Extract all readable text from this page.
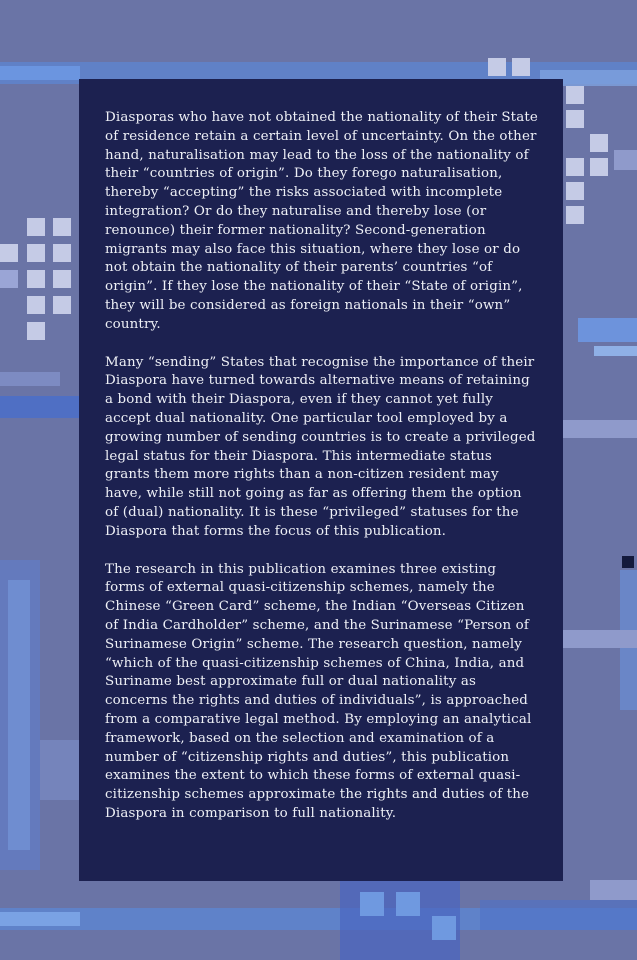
Diasporas who have not obtained the nationality of their State of residence retain a certain level of uncertainty. On the other hand, naturalisation may lead to the loss of the nationality of their “countries of origin”. Do they forego naturalisation, thereby “accepting” the risks associated with incomplete integration? Or do they naturalise and thereby lose (or renounce) their former nationality? Second-generation migrants may also face this situation, where they lose or do not obtain the nationality of their parents’ countries “of origin”. If they lose the nationality of their “State of origin”, they will be considered as foreign nationals in their “own” country.

Many “sending” States that recognise the importance of their Diaspora have turned towards alternative means of retaining a bond with their Diaspora, even if they cannot yet fully accept dual nationality. One particular tool employed by a growing number of sending countries is to create a privileged legal status for their Diaspora. This intermediate status grants them more rights than a non-citizen resident may have, while still not going as far as offering them the option of (dual) nationality. It is these “privileged” statuses for the Diaspora that forms the focus of this publication.

The research in this publication examines three existing forms of external quasi-citizenship schemes, namely the Chinese “Green Card” scheme, the Indian “Overseas Citizen of India Cardholder” scheme, and the Surinamese “Person of Surinamese Origin” scheme. The research question, namely “which of the quasi-citizenship schemes of China, India, and Suriname best approximate full or dual nationality as concerns the rights and duties of individuals”, is approached from a comparative legal method. By employing an analytical framework, based on the selection and examination of a number of “citizenship rights and duties”, this publication examines the extent to which these forms of external quasi-citizenship schemes approximate the rights and duties of the Diaspora in comparison to full nationality.
